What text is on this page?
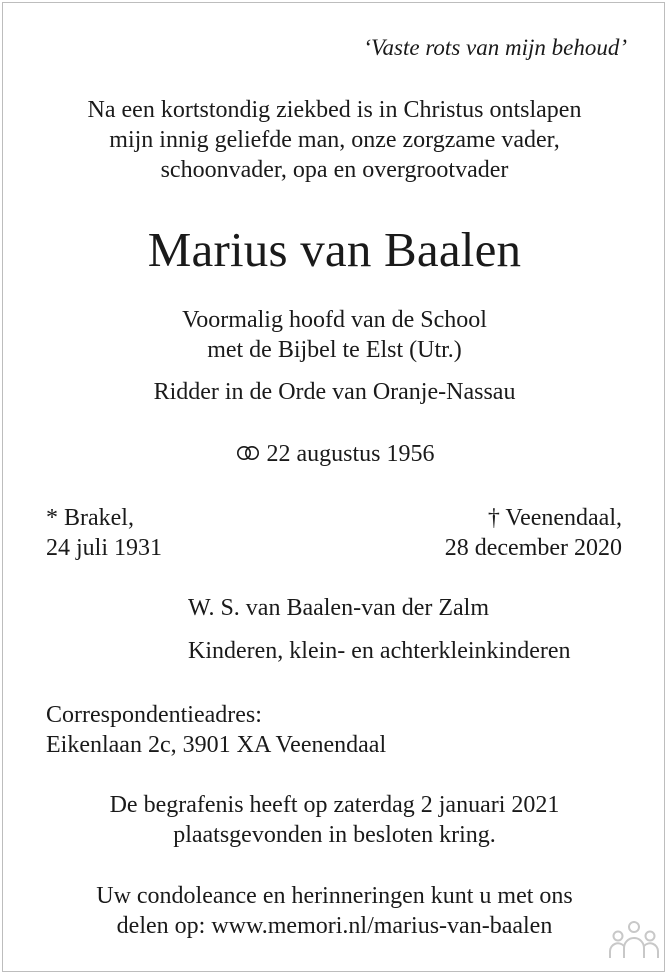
‘Vaste rots van mijn behoud’

Na een kortstondig ziekbed is in Christus ontslapen
mijn innig geliefde man, onze zorgzame vader,
schoonvader, opa en overgrootvader
Marius van Baalen
Voormalig hoofd van de School
met de Bijbel te Elst (Utr.)
Ridder in de Orde van Oranje-Nassau
22 augustus 1956
* Brakel,
24 juli 1931
† Veenendaal,
28 december 2020
W. S. van Baalen-van der Zalm
Kinderen, klein- en achterkleinkinderen
Correspondentieadres:
Eikenlaan 2c, 3901 XA Veenendaal
De begrafenis heeft op zaterdag 2 januari 2021
plaatsgevonden in besloten kring.
Uw condoleance en herinneringen kunt u met ons
delen op: www.memori.nl/marius-van-baalen
